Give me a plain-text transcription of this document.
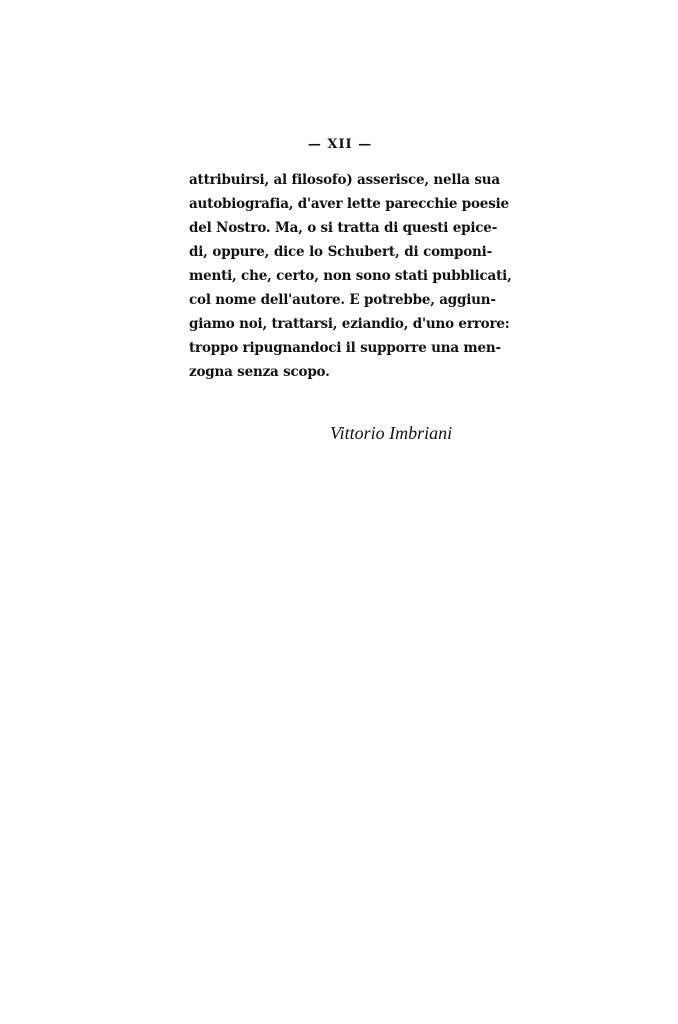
— XII —
attribuirsi, al filosofo) asserisce, nella sua
autobiografia, d'aver lette parecchie poesie
del Nostro. Ma, o si tratta di questi epice-
di, oppure, dice lo Schubert, di componi-
menti, che, certo, non sono stati pubblicati,
col nome dell'autore. E potrebbe, aggiun-
giamo noi, trattarsi, eziandio, d'uno errore:
troppo ripugnandoci il supporre una men-
zogna senza scopo.
Vittorio Imbriani
